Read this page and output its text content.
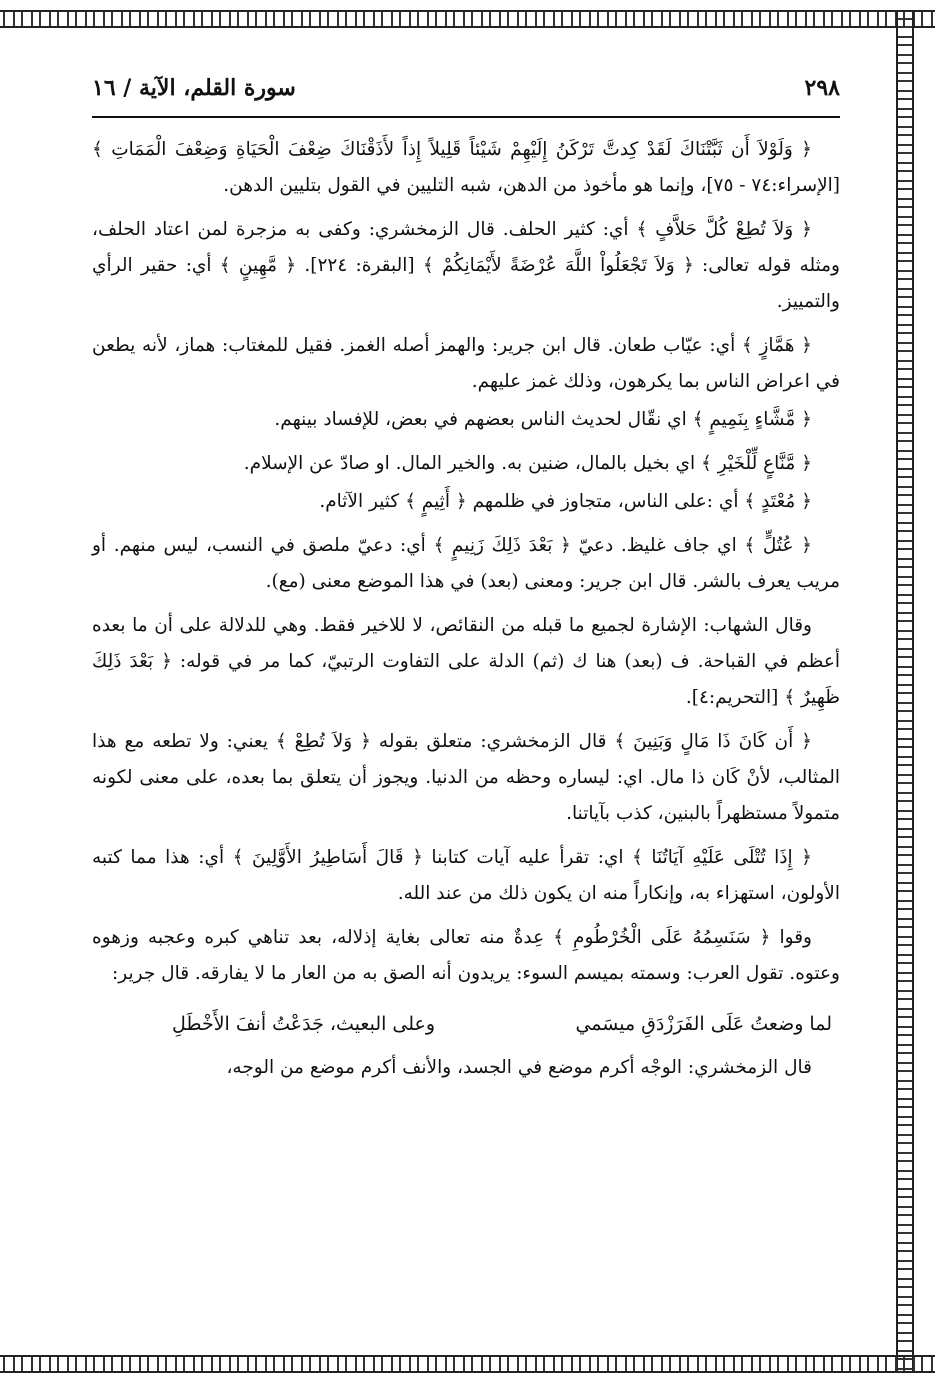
٢٩٨
سورة القلم، الآية / ١٦

﴿ وَلَوْلاَ أَن ثَبَّتْنَاكَ لَقَدْ كِدتَّ تَرْكَنُ إِلَيْهِمْ شَيْئاً قَلِيلاً إِذاً لأَذَقْنَاكَ ضِعْفَ الْحَيَاةِ وَضِعْفَ الْمَمَاتِ ﴾ [الإسراء:٧٤ - ٧٥]، وإنما هو مأخوذ من الدهن، شبه التليين في القول بتليين الدهن.

﴿ وَلاَ تُطِعْ كُلَّ حَلاَّفٍ ﴾ أي: كثير الحلف. قال الزمخشري: وكفى به مزجرة لمن اعتاد الحلف، ومثله قوله تعالى: ﴿ وَلاَ تَجْعَلُواْ اللَّهَ عُرْضَةً لأَيْمَانِكُمْ ﴾ [البقرة: ٢٢٤]. ﴿ مَّهِينٍ ﴾ أي: حقير الرأي والتمييز.

﴿ هَمَّازٍ ﴾ أي: عيّاب طعان. قال ابن جرير: والهمز أصله الغمز. فقيل للمغتاب: هماز، لأنه يطعن في اعراض الناس بما يكرهون، وذلك غمز عليهم.

﴿ مَّشَّاءٍ بِنَمِيمٍ ﴾ اي نقّال لحديث الناس بعضهم في بعض، للإفساد بينهم.

﴿ مَّنَّاعٍ لِّلْخَيْرِ ﴾ اي بخيل بالمال، ضنين به. والخير المال. او صادّ عن الإسلام.

﴿ مُعْتَدٍ ﴾ أي :على الناس، متجاوز في ظلمهم ﴿ أَثِيمٍ ﴾ كثير الآثام.

﴿ عُتُلٍّ ﴾ اي جاف غليظ. دعيّ ﴿ بَعْدَ ذَلِكَ زَنِيمٍ ﴾ أي: دعيّ ملصق في النسب، ليس منهم. أو مريب يعرف بالشر. قال ابن جرير: ومعنى (بعد) في هذا الموضع معنى (مع).

وقال الشهاب: الإشارة لجميع ما قبله من النقائص، لا للاخير فقط. وهي للدلالة على أن ما بعده أعظم في القباحة. ف (بعد) هنا ك (ثم) الدلة على التفاوت الرتبيّ، كما مر في قوله: ﴿ بَعْدَ ذَلِكَ ظَهِيرٌ ﴾ [التحريم:٤].

﴿ أَن كَانَ ذَا مَالٍ وَبَنِينَ ﴾ قال الزمخشري: متعلق بقوله ﴿ وَلاَ تُطِعْ ﴾ يعني: ولا تطعه مع هذا المثالب، لأنْ كَان ذا مال. اي: ليساره وحظه من الدنيا. ويجوز أن يتعلق بما بعده، على معنى لكونه متمولاً مستظهراً بالبنين، كذب بآياتنا.

﴿ إِذَا تُتْلَى عَلَيْهِ آيَاتُنَا ﴾ اي: تقرأ عليه آيات كتابنا ﴿ قَالَ أَسَاطِيرُ الأَوَّلِينَ ﴾ أي: هذا مما كتبه الأولون، استهزاء به، وإنكاراً منه ان يكون ذلك من عند الله.

وقوا ﴿ سَنَسِمُهُ عَلَى الْخُرْطُومِ ﴾ عِدةٌ منه تعالى بغاية إذلاله، بعد تناهي كبره وعجبه وزهوه وعتوه. تقول العرب: وسمته بميسم السوء: يريدون أنه الصق به من العار ما لا يفارقه. قال جرير:

لما وضعتُ عَلَى الفَرَزْدَقِ ميسَمي
وعلى البعيث، جَدَعْتُ أنفَ الأَخْطَلِ

قال الزمخشري: الوجْه أكرم موضع في الجسد، والأنف أكرم موضع من الوجه،
